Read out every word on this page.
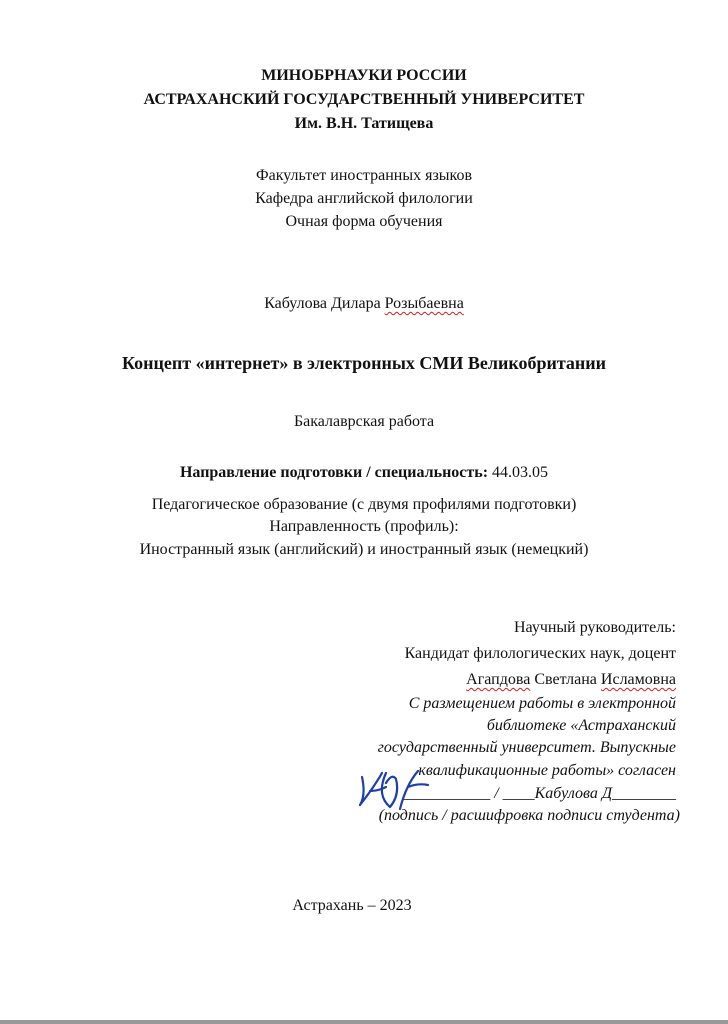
МИНОБРНАУКИ РОССИИ
АСТРАХАНСКИЙ ГОСУДАРСТВЕННЫЙ УНИВЕРСИТЕТ
Им. В.Н. Татищева
Факультет иностранных языков
Кафедра английской филологии
Очная форма обучения
Кабулова Дилара Розыбаевна
Концепт «интернет» в электронных СМИ Великобритании
Бакалаврская работа
Направление подготовки / специальность: 44.03.05
Педагогическое образование (с двумя профилями подготовки)
Направленность (профиль):
Иностранный язык (английский) и иностранный язык (немецкий)
Научный руководитель:
Кандидат филологических наук, доцент
Агапдова Светлана Исламовна
С размещением работы в электронной
библиотеке «Астраханский
государственный университет. Выпускные
квалификационные работы» согласен
___________ / ____Кабулова Д________
(подпись / расшифровка подписи студента)
Астрахань – 2023
